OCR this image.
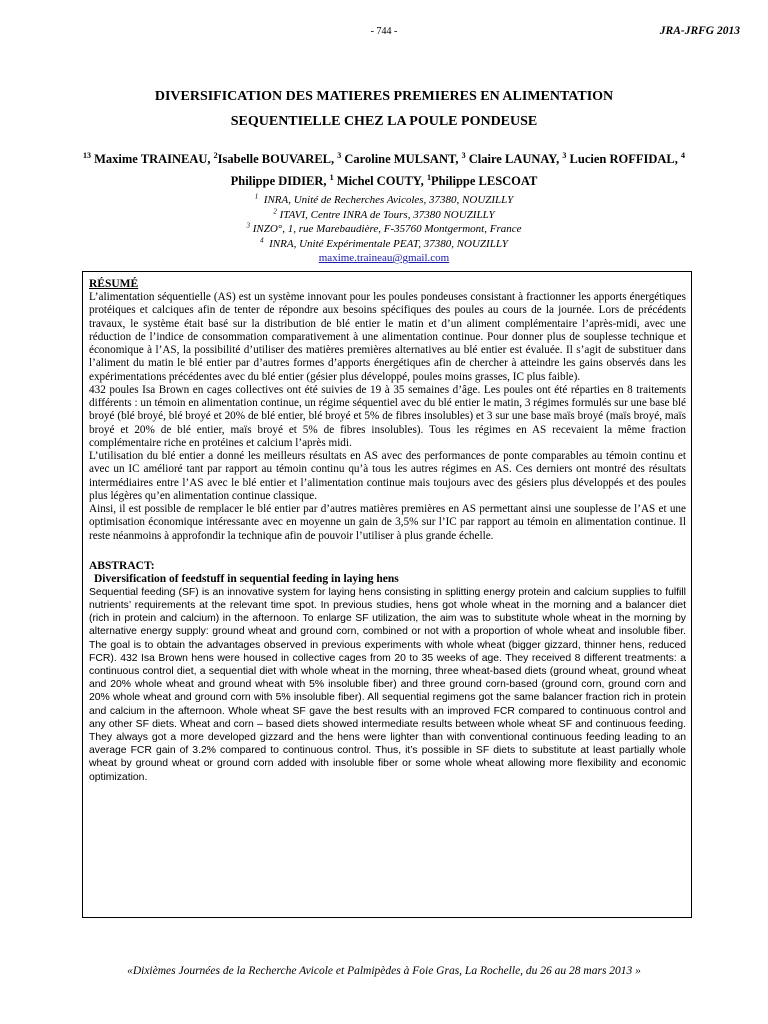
- 744 -	JRA-JRFG 2013
DIVERSIFICATION DES MATIERES PREMIERES EN ALIMENTATION
SEQUENTIELLE CHEZ LA POULE PONDEUSE
$^{13}$ Maxime TRAINEAU, $^2$Isabelle BOUVAREL, $^3$ Caroline MULSANT, $^3$ Claire LAUNAY, $^3$ Lucien ROFFIDAL, $^4$ Philippe DIDIER, $^1$ Michel COUTY, $^1$Philippe LESCOAT
$^1$ INRA, Unité de Recherches Avicoles, 37380, NOUZILLY
$^2$ ITAVI, Centre INRA de Tours, 37380 NOUZILLY
$^3$ INZO°, 1, rue Marebaudière, F-35760 Montgermont, France
$^4$ INRA, Unité Expérimentale PEAT, 37380, NOUZILLY
maxime.traineau@gmail.com
RÉSUMÉ

L’alimentation séquentielle (AS) est un système innovant pour les poules pondeuses consistant à fractionner les apports énergétiques protéiques et calciques afin de tenter de répondre aux besoins spécifiques des poules au cours de la journée. Lors de précédents travaux, le système était basé sur la distribution de blé entier le matin et d’un aliment complémentaire l’après-midi, avec une réduction de l’indice de consommation comparativement à une alimentation continue. Pour donner plus de souplesse technique et économique à l’AS, la possibilité d’utiliser des matières premières alternatives au blé entier est évaluée. Il s’agit de substituer dans l’aliment du matin le blé entier par d’autres formes d’apports énergétiques afin de chercher à atteindre les gains observés dans les expérimentations précédentes avec du blé entier (gésier plus développé, poules moins grasses, IC plus faible).

432 poules Isa Brown en cages collectives ont été suivies de 19 à 35 semaines d’âge. Les poules ont été réparties en 8 traitements différents : un témoin en alimentation continue, un régime séquentiel avec du blé entier le matin, 3 régimes formulés sur une base blé broyé (blé broyé, blé broyé et 20% de blé entier, blé broyé et 5% de fibres insolubles) et 3 sur une base maïs broyé (maïs broyé, maïs broyé et 20% de blé entier, maïs broyé et 5% de fibres insolubles). Tous les régimes en AS recevaient la même fraction complémentaire riche en protéines et calcium l’après midi.

L’utilisation du blé entier a donné les meilleurs résultats en AS avec des performances de ponte comparables au témoin continu et avec un IC amélioré tant par rapport au témoin continu qu’à tous les autres régimes en AS. Ces derniers ont montré des résultats intermédiaires entre l’AS avec le blé entier et l’alimentation continue mais toujours avec des gésiers plus développés et des poules plus légères qu’en alimentation continue classique.

Ainsi, il est possible de remplacer le blé entier par d’autres matières premières en AS permettant ainsi une souplesse de l’AS et une optimisation économique intéressante avec en moyenne un gain de 3,5% sur l’IC par rapport au témoin en alimentation continue. Il reste néanmoins à approfondir la technique afin de pouvoir l’utiliser à plus grande échelle.

ABSTRACT:
Diversification of feedstuff in sequential feeding in laying hens

Sequential feeding (SF) is an innovative system for laying hens consisting in splitting energy protein and calcium supplies to fulfill nutrients’ requirements at the relevant time spot. In previous studies, hens got whole wheat in the morning and a balancer diet (rich in protein and calcium) in the afternoon. To enlarge SF utilization, the aim was to substitute whole wheat in the morning by alternative energy supply: ground wheat and ground corn, combined or not with a proportion of whole wheat and insoluble fiber. The goal is to obtain the advantages observed in previous experiments with whole wheat (bigger gizzard, thinner hens, reduced FCR). 432 Isa Brown hens were housed in collective cages from 20 to 35 weeks of age. They received 8 different treatments: a continuous control diet, a sequential diet with whole wheat in the morning, three wheat-based diets (ground wheat, ground wheat and 20% whole wheat and ground wheat with 5% insoluble fiber) and three ground corn-based (ground corn, ground corn and 20% whole wheat and ground corn with 5% insoluble fiber). All sequential regimens got the same balancer fraction rich in protein and calcium in the afternoon. Whole wheat SF gave the best results with an improved FCR compared to continuous control and any other SF diets. Wheat and corn – based diets showed intermediate results between whole wheat SF and continuous feeding. They always got a more developed gizzard and the hens were lighter than with conventional continuous feeding leading to an average FCR gain of 3.2% compared to continuous control. Thus, it’s possible in SF diets to substitute at least partially whole wheat by ground wheat or ground corn added with insoluble fiber or some whole wheat allowing more flexibility and economic optimization.

«Dixièmes Journées de la Recherche Avicole et Palmipèdes à Foie Gras, La Rochelle, du 26 au 28 mars 2013 »
